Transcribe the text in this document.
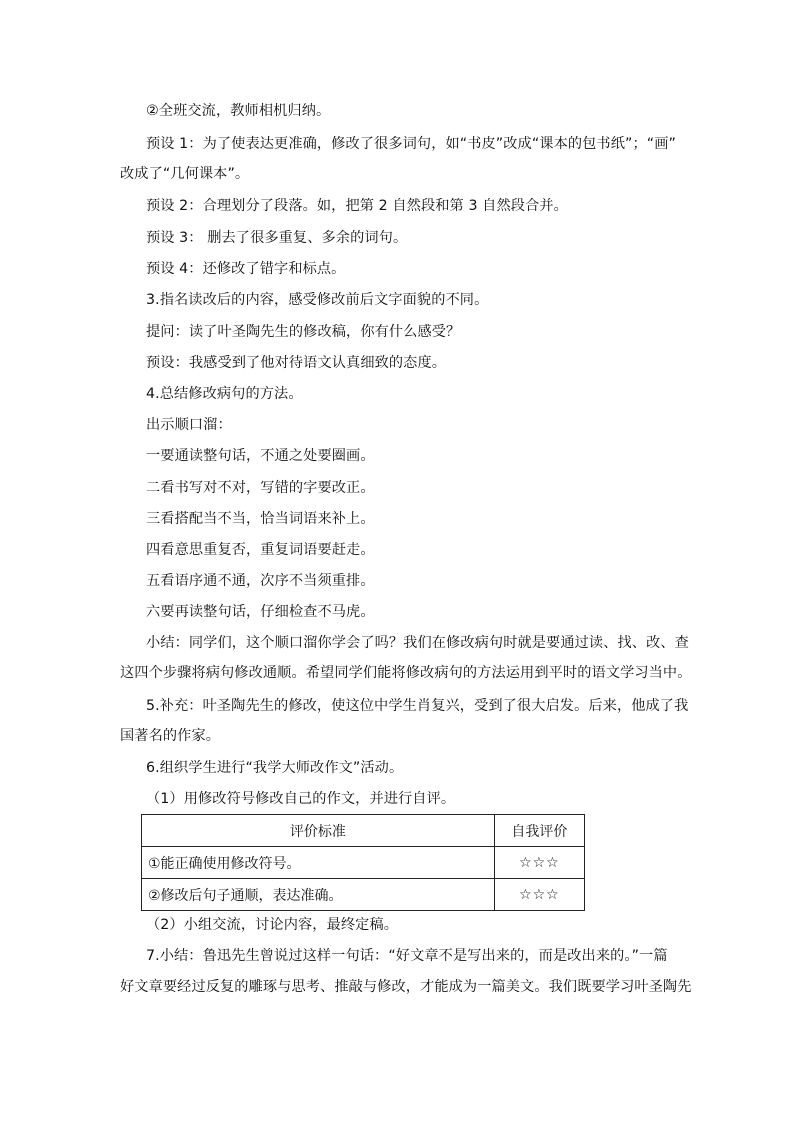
②全班交流，教师相机归纳。
预设 1：为了使表达更准确，修改了很多词句，如“书皮”改成“课本的包书纸”；“画”
改成了“几何课本”。
预设 2：合理划分了段落。如，把第 2 自然段和第 3 自然段合并。
预设 3： 删去了很多重复、多余的词句。
预设 4：还修改了错字和标点。
3.指名读改后的内容，感受修改前后文字面貌的不同。
提问：读了叶圣陶先生的修改稿，你有什么感受？
预设：我感受到了他对待语文认真细致的态度。
4.总结修改病句的方法。
出示顺口溜：
一要通读整句话，不通之处要圈画。
二看书写对不对，写错的字要改正。
三看搭配当不当，恰当词语来补上。
四看意思重复否，重复词语要赶走。
五看语序通不通，次序不当须重排。
六要再读整句话，仔细检查不马虎。
小结：同学们，这个顺口溜你学会了吗？我们在修改病句时就是要通过读、找、改、查
这四个步骤将病句修改通顺。希望同学们能将修改病句的方法运用到平时的语文学习当中。
5.补充：叶圣陶先生的修改，使这位中学生肖复兴，受到了很大启发。后来，他成了我
国著名的作家。
6.组织学生进行“我学大师改作文”活动。
（1）用修改符号修改自己的作文，并进行自评。
评价标准	自我评价
①能正确使用修改符号。	☆☆☆
②修改后句子通顺，表达准确。	☆☆☆
（2）小组交流，讨论内容，最终定稿。
7.小结：鲁迅先生曾说过这样一句话：“好文章不是写出来的，而是改出来的。”一篇
好文章要经过反复的雕琢与思考、推敲与修改，才能成为一篇美文。我们既要学习叶圣陶先
